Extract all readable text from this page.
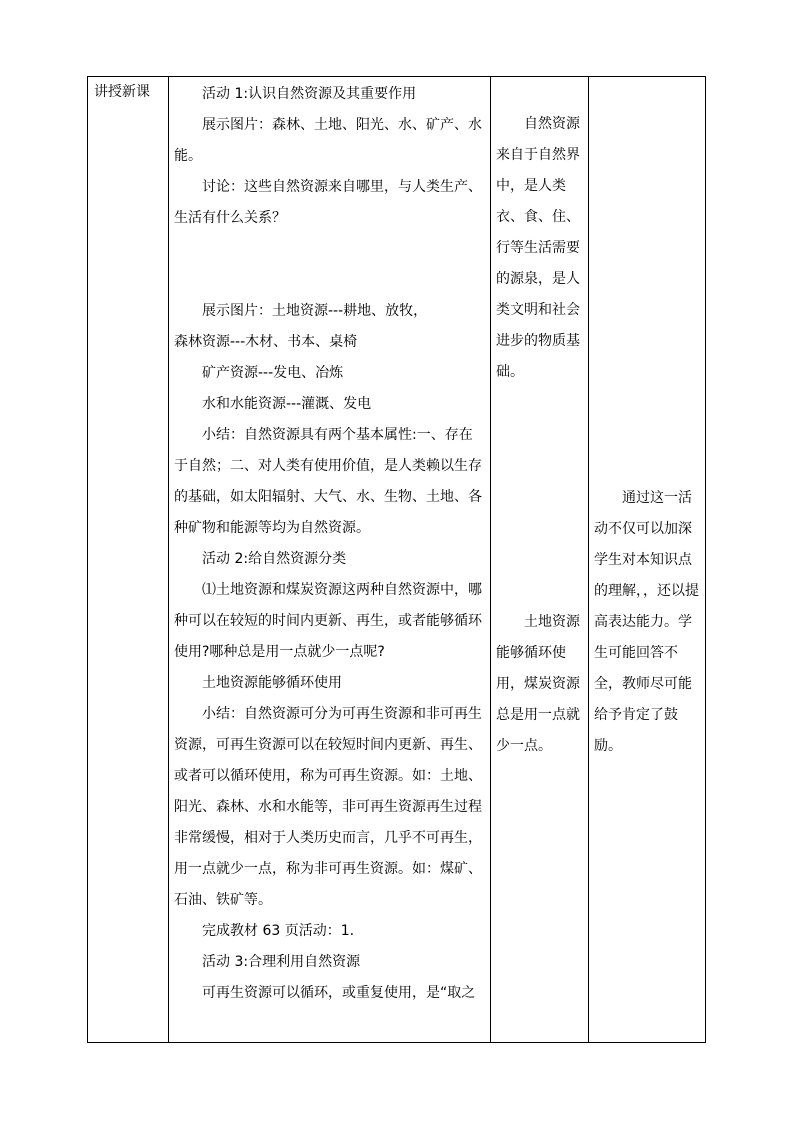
讲授新课	活动 1:认识自然资源及其重要作用

展示图片：森林、土地、阳光、水、矿产、水能。

讨论：这些自然资源来自哪里，与人类生产、生活有什么关系？

展示图片：土地资源---耕地、放牧，

森林资源---木材、书本、桌椅

矿产资源---发电、冶炼

水和水能资源---灌溉、发电

小结：自然资源具有两个基本属性:一、存在于自然；二、对人类有使用价值，是人类赖以生存的基础，如太阳辐射、大气、水、生物、土地、各种矿物和能源等均为自然资源。

活动 2:给自然资源分类

⑴土地资源和煤炭资源这两种自然资源中，哪种可以在较短的时间内更新、再生，或者能够循环使用?哪种总是用一点就少一点呢?

土地资源能够循环使用

小结：自然资源可分为可再生资源和非可再生资源，可再生资源可以在较短时间内更新、再生、或者可以循环使用，称为可再生资源。如：土地、阳光、森林、水和水能等，非可再生资源再生过程非常缓慢，相对于人类历史而言，几乎不可再生，用一点就少一点，称为非可再生资源。如：煤矿、石油、铁矿等。

完成教材 63 页活动：1.

活动 3:合理利用自然资源

可再生资源可以循环，或重复使用，是“取之

自然资源来自于自然界中，是人类衣、食、住、行等生活需要的源泉，是人类文明和社会进步的物质基础。

土地资源能够循环使用，煤炭资源总是用一点就少一点。

通过这一活动不仅可以加深学生对本知识点的理解，，还以提高表达能力。学生可能回答不全，教师尽可能给予肯定了鼓励。
